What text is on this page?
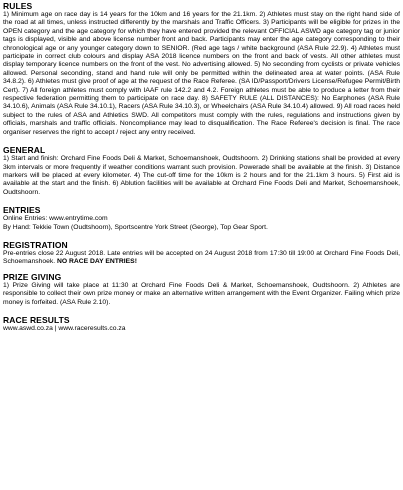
RULES

1) Minimum age on race day is 14 years for the 10km and 16 years for the 21.1km. 2) Athletes must stay on the right hand side of the road at all times, unless instructed differently by the marshals and Traffic Officers. 3) Participants will be eligible for prizes in the OPEN category and the age category for which they have entered provided the relevant OFFICIAL ASWD age category tag or junior tags is displayed, visible and above license number front and back. Participants may enter the age category corresponding to their chronological age or any younger category down to SENIOR. (Red age tags / white background (ASA Rule 22.9). 4) Athletes must participate in correct club colours and display ASA 2018 licence numbers on the front and back of vests. All other athletes must display temporary licence numbers on the front of the vest. No advertising allowed. 5) No seconding from cyclists or private vehicles allowed. Personal seconding, stand and hand rule will only be permitted within the delineated area at water points. (ASA Rule 34.8.2). 6) Athletes must give proof of age at the request of the Race Referee. (SA ID/Passport/Drivers License/Refugee Permit/Birth Cert). 7) All foreign athletes must comply with IAAF rule 142.2 and 4.2. Foreign athletes must be able to produce a letter from their respective federation permitting them to participate on race day. 8) SAFETY RULE (ALL DISTANCES): No Earphones (ASA Rule 34.10.6), Animals (ASA Rule 34.10.1), Racers (ASA Rule 34.10.3), or Wheelchairs (ASA Rule 34.10.4) allowed. 9) All road races held subject to the rules of ASA and Athletics SWD. All competitors must comply with the rules, regulations and instructions given by officials, marshals and traffic officials. Noncompliance may lead to disqualification. The Race Referee's decision is final. The race organiser reserves the right to accept / reject any entry received.

GENERAL

1) Start and finish: Orchard Fine Foods Deli & Market, Schoemanshoek, Oudtshoorn. 2) Drinking stations shall be provided at every 3km intervals or more frequently if weather conditions warrant such provision. Powerade shall be available at the finish. 3) Distance markers will be placed at every kilometer. 4) The cut-off time for the 10km is 2 hours and for the 21.1km 3 hours. 5) First aid is available at the start and the finish. 6) Ablution facilities will be available at Orchard Fine Foods Deli and Market, Schoemanshoek, Oudtshoorn.

ENTRIES

Online Entries: www.entrytime.com

By Hand: Tekkie Town (Oudtshoorn), Sportscentre York Street (George), Top Gear Sport.

REGISTRATION

Pre-entries close 22 August 2018. Late entries will be accepted on 24 August 2018 from 17:30 till 19:00 at Orchard Fine Foods Deli, Schoemanshoek. NO RACE DAY ENTRIES!

PRIZE GIVING

1) Prize Giving will take place at 11:30 at Orchard Fine Foods Deli & Market, Schoemanshoek, Oudtshoorn. 2) Athletes are responsible to collect their own prize money or make an alternative written arrangement with the Event Organizer. Failing which prize money is forfeited. (ASA Rule 2.10).

RACE RESULTS

www.aswd.co.za | www.raceresults.co.za
